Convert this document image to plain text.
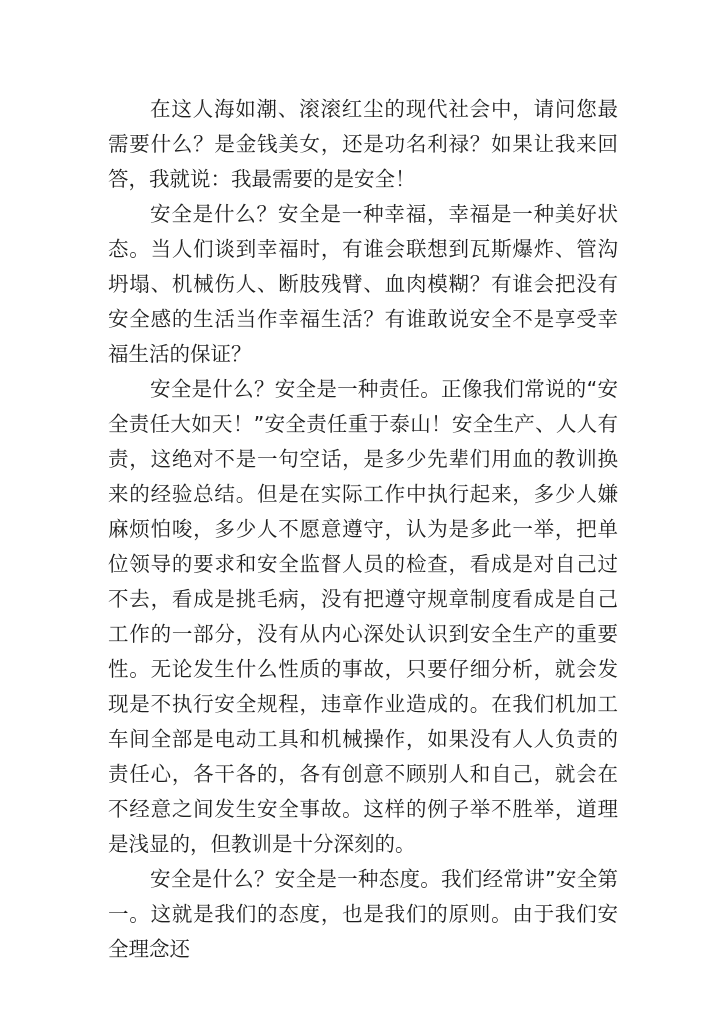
在这人海如潮、滚滚红尘的现代社会中，请问您最需要什么？是金钱美女，还是功名利禄？如果让我来回答，我就说：我最需要的是安全！

安全是什么？安全是一种幸福，幸福是一种美好状态。当人们谈到幸福时，有谁会联想到瓦斯爆炸、管沟坍塌、机械伤人、断肢残臂、血肉模糊？有谁会把没有安全感的生活当作幸福生活？有谁敢说安全不是享受幸福生活的保证？

安全是什么？安全是一种责任。正像我们常说的“安全责任大如天！”安全责任重于泰山！安全生产、人人有责，这绝对不是一句空话，是多少先辈们用血的教训换来的经验总结。但是在实际工作中执行起来，多少人嫌麻烦怕唆，多少人不愿意遵守，认为是多此一举，把单位领导的要求和安全监督人员的检查，看成是对自己过不去，看成是挑毛病，没有把遵守规章制度看成是自己工作的一部分，没有从内心深处认识到安全生产的重要性。无论发生什么性质的事故，只要仔细分析，就会发现是不执行安全规程，违章作业造成的。在我们机加工车间全部是电动工具和机械操作，如果没有人人负责的责任心，各干各的，各有创意不顾别人和自己，就会在不经意之间发生安全事故。这样的例子举不胜举，道理是浅显的，但教训是十分深刻的。

安全是什么？安全是一种态度。我们经常讲”安全第一。这就是我们的态度，也是我们的原则。由于我们安全理念还
